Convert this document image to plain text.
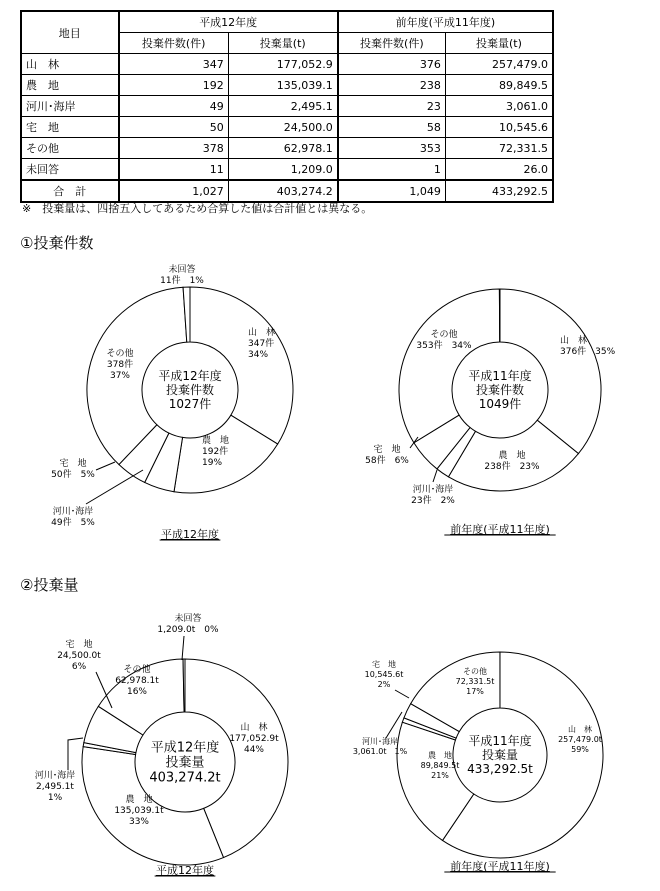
地目	平成12年度		前年度(平成11年度)	
	投棄件数(件)	投棄量(t)	投棄件数(件)	投棄量(t)
山　林	347	177,052.9	376	257,479.0
農　地	192	135,039.1	238	89,849.5
河川･海岸	49	2,495.1	23	3,061.0
宅　地	50	24,500.0	58	10,545.6
その他	378	62,978.1	353	72,331.5
未回答	11	1,209.0	1	26.0
合　計	1,027	403,274.2	1,049	433,292.5
※　投棄量は、四捨五入してあるため合算した値は合計値とは異なる。
①投棄件数
②投棄量
山　林 347件 34%
農　地 192件 19%
河川･海岸 49件　5%
宅　地 50件　5%
その他 378件 37%
未回答 11件　1%
平成12年度投棄件数 1027件
平成12年度
山　林 376件　35%
農　地 238件　23%
河川･海岸 23件　2%
宅　地 58件　6%
その他 353件　34%
平成11年度投棄件数 1049件
前年度(平成11年度)
山　林 177,052.9t 44%
農　地 135,039.1t 33%
河川･海岸 2,495.1t 1%
宅　地 24,500.0t 6%	その他 62,978.1t 16%
未回答 1,209.0t　0%
平成12年度投棄量 403,274.2t
平成12年度
山　林 257,479.0t 59%
農　地 89,849.5t 21%
河川･海岸 3,061.0t　1%
宅　地 10,545.6t 2%
その他 72,331.5t 17%
平成11年度投棄量 433,292.5t
前年度(平成11年度)
